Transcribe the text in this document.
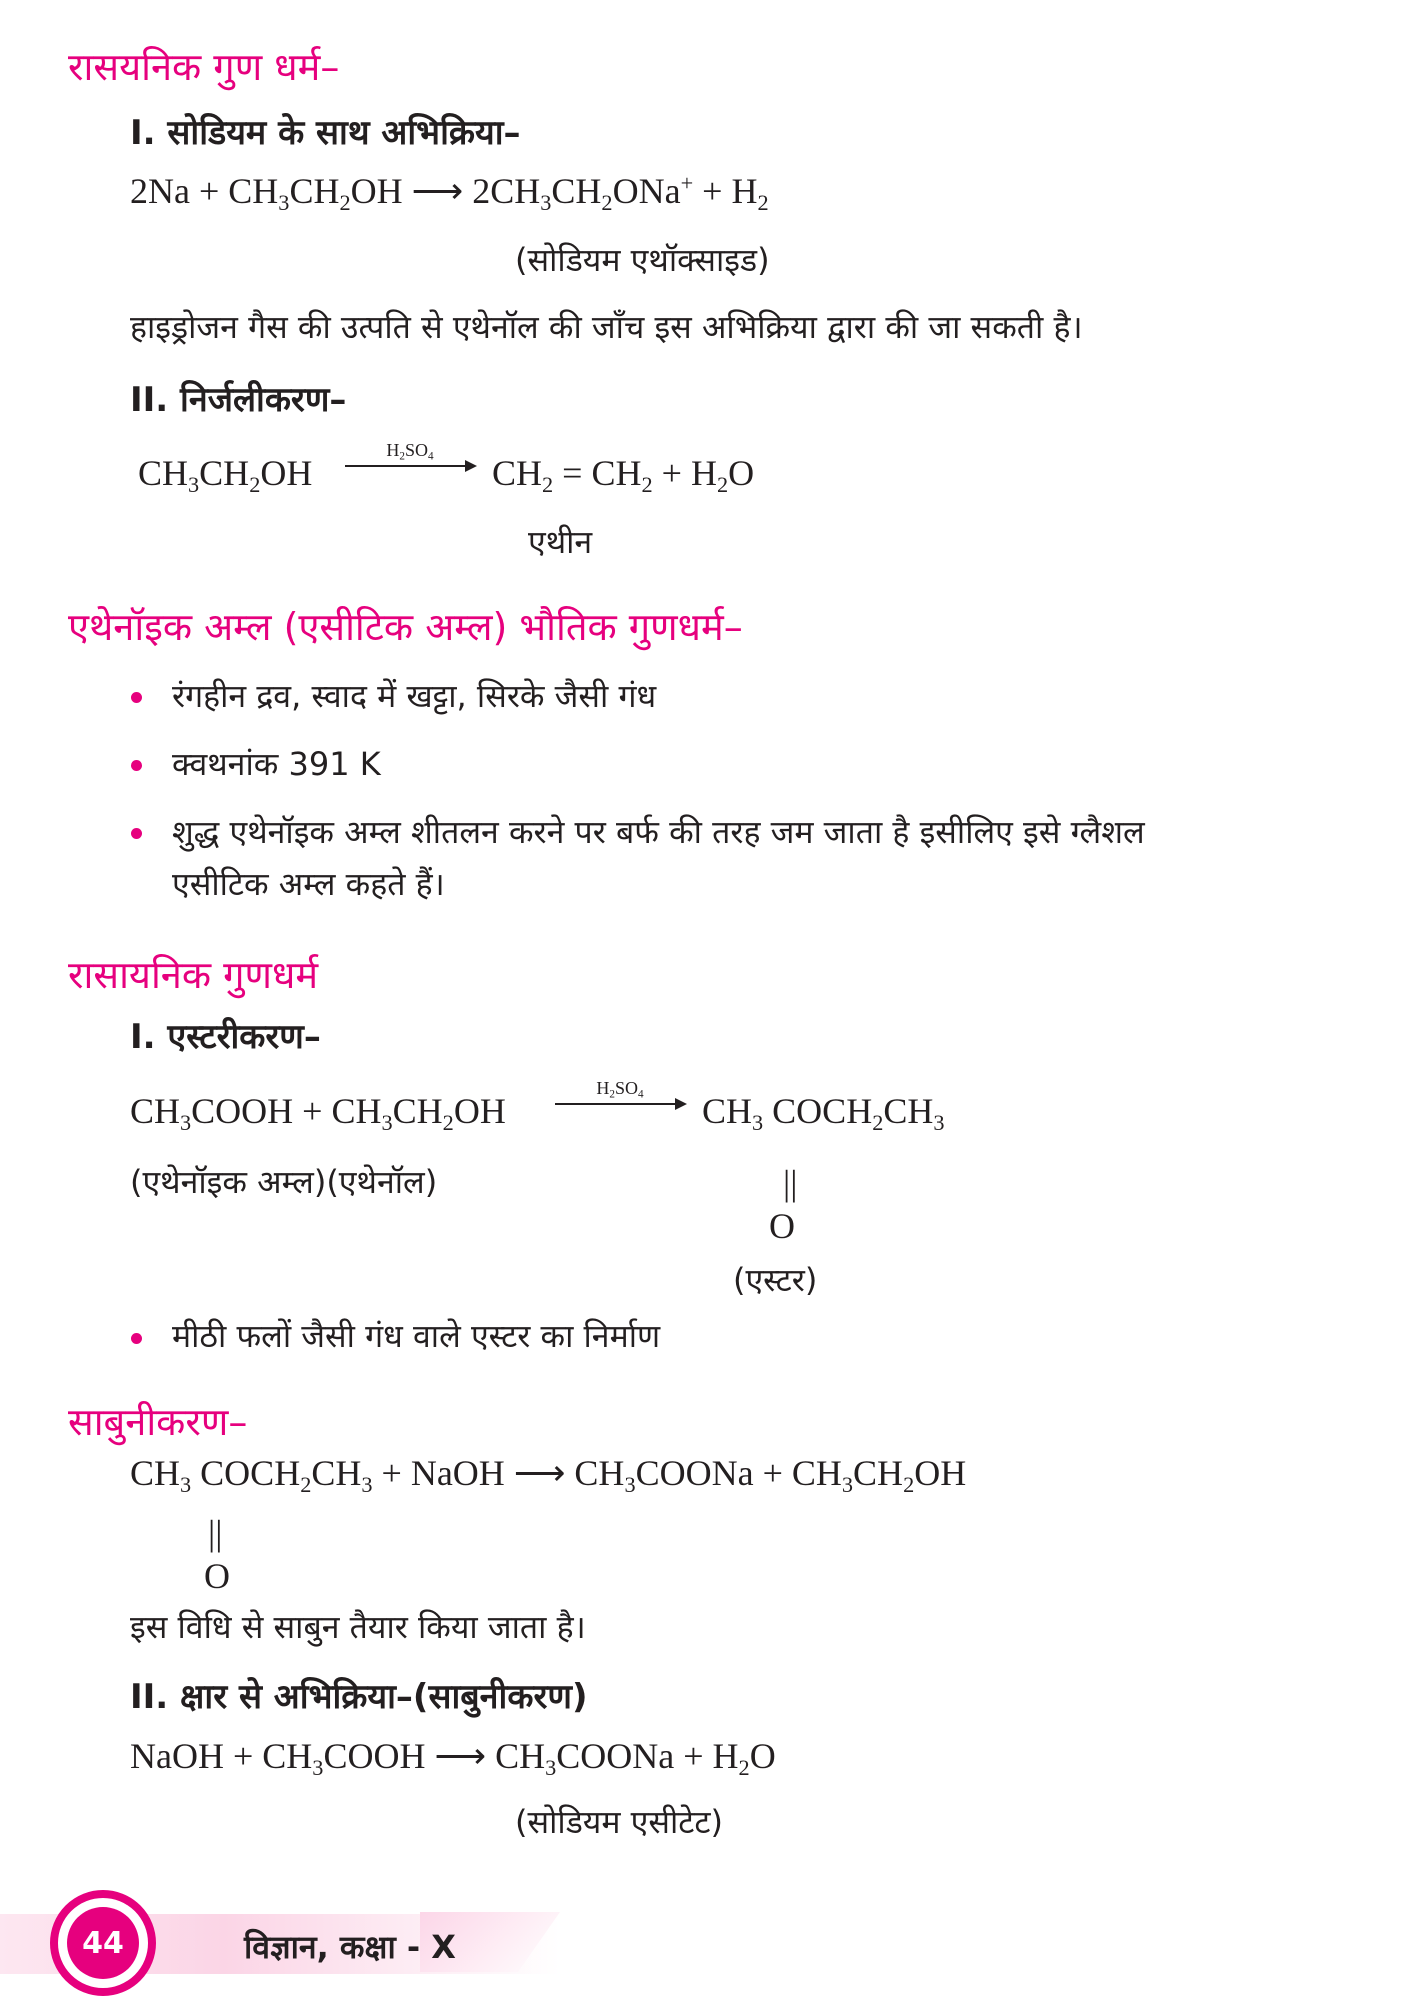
रासयनिक गुण धर्म–
I. सोडियम के साथ अभिक्रिया–
$2Na + CH_3CH_2OH$ ⟶ $2CH_3CH_2ONa^+ + H_2$
(सोडियम एथॉक्साइड)
हाइड्रोजन गैस की उत्पति से एथेनॉल की जाँच इस अभिक्रिया द्वारा की जा सकती है।
II. निर्जलीकरण–
$CH_3CH_2OH$
$H_2SO_4$	$CH_2 = CH_2 + H_2O$
एथीन
एथेनॉइक अम्ल (एसीटिक अम्ल) भौतिक गुणधर्म–
रंगहीन द्रव, स्वाद में खट्टा, सिरके जैसी गंध
क्वथनांक 391 K
शुद्ध एथेनॉइक अम्ल शीतलन करने पर बर्फ की तरह जम जाता है इसीलिए इसे ग्लैशल
एसीटिक अम्ल कहते हैं।
रासायनिक गुणधर्म
I. एस्टरीकरण–
$CH_3COOH + CH_3CH_2OH$
$H_2SO_4$	$CH_3$ $COCH_2CH_3$
(एथेनॉइक अम्ल)(एथेनॉल)	||
O
(एस्टर)
मीठी फलों जैसी गंध वाले एस्टर का निर्माण
साबुनीकरण–
$CH_3$ $COCH_2CH_3$ + NaOH ⟶ $CH_3COONa + CH_3CH_2OH$
||
O
इस विधि से साबुन तैयार किया जाता है।
II. क्षार से अभिक्रिया–(साबुनीकरण)
NaOH + $CH_3COOH$ ⟶ $CH_3COONa + H_2O$
(सोडियम एसीटेट)
44	विज्ञान, कक्षा - X
